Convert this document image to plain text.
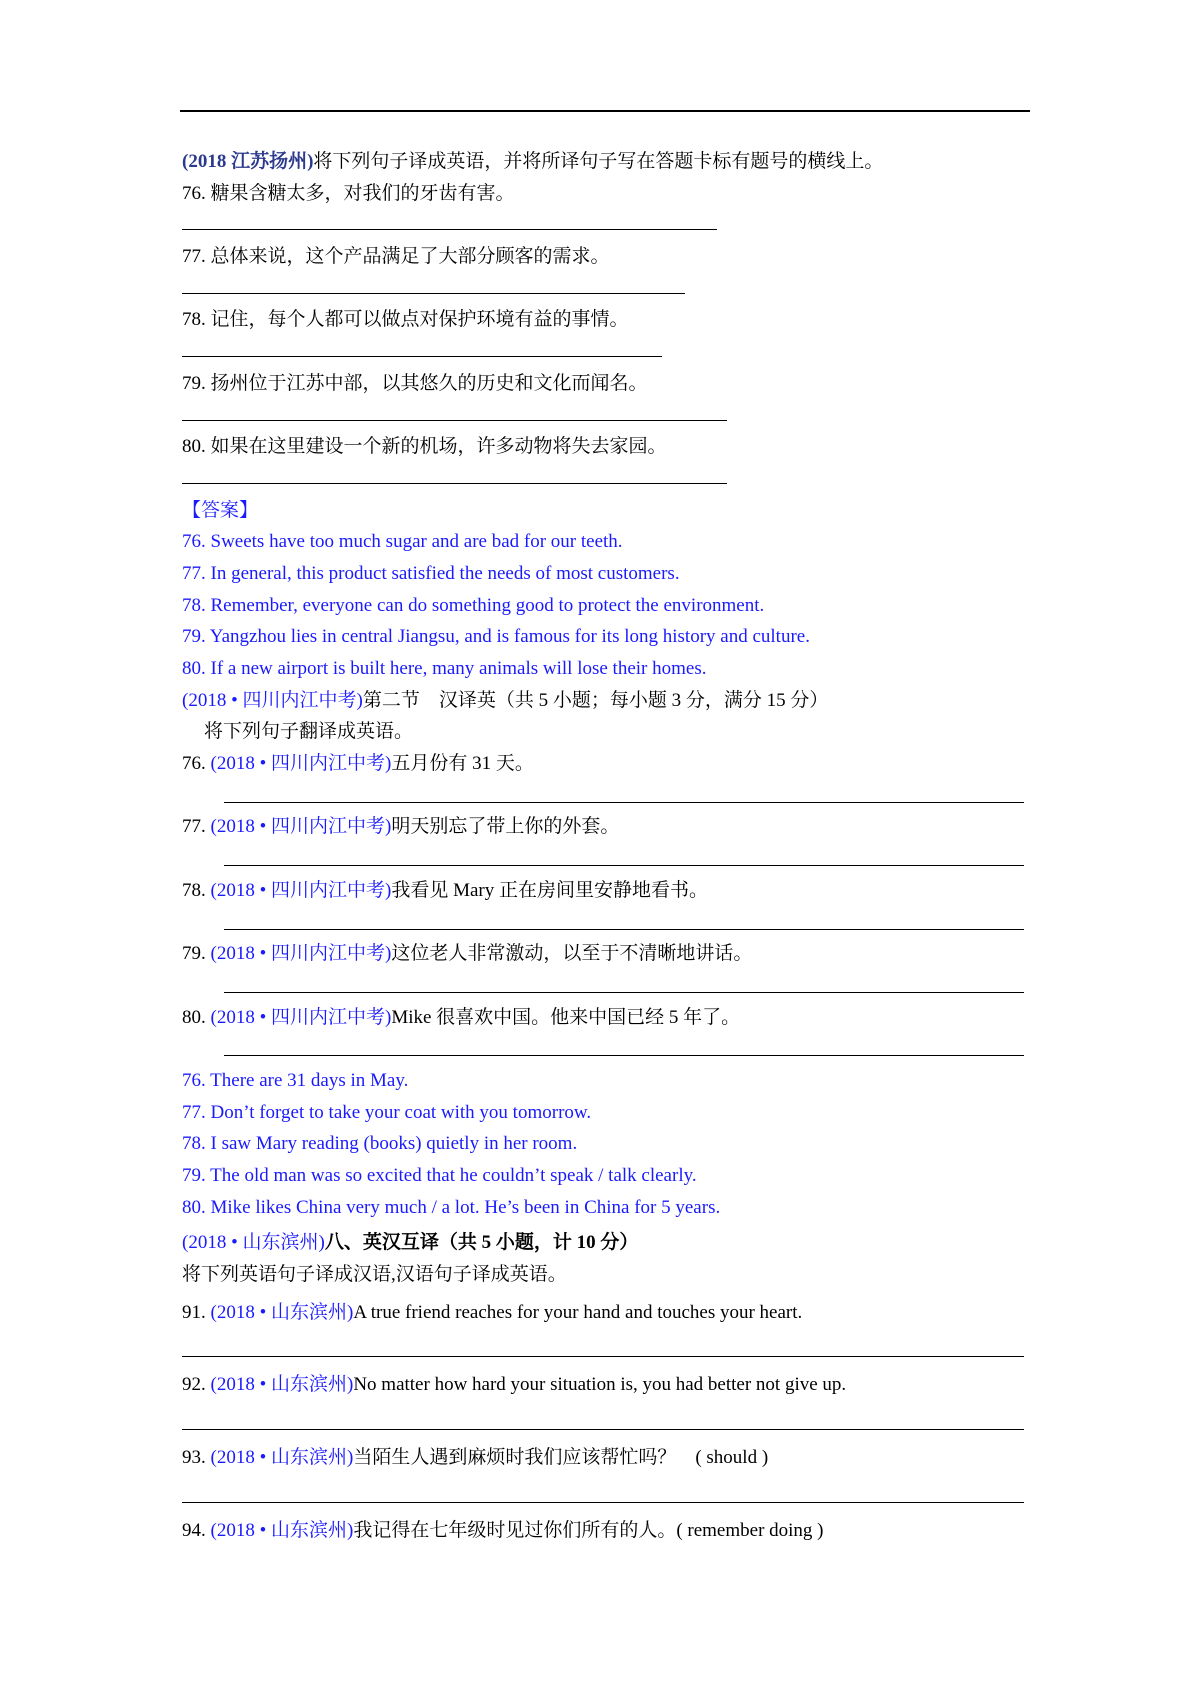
(2018 江苏扬州)将下列句子译成英语，并将所译句子写在答题卡标有题号的横线上。
76. 糖果含糖太多，对我们的牙齿有害。
77. 总体来说，这个产品满足了大部分顾客的需求。
78. 记住，每个人都可以做点对保护环境有益的事情。
79. 扬州位于江苏中部，以其悠久的历史和文化而闻名。
80. 如果在这里建设一个新的机场，许多动物将失去家园。
【答案】
76. Sweets have too much sugar and are bad for our teeth.
77. In general, this product satisfied the needs of most customers.
78. Remember, everyone can do something good to protect the environment.
79. Yangzhou lies in central Jiangsu, and is famous for its long history and culture.
80. If a new airport is built here, many animals will lose their homes.
(2018 • 四川内江中考)第二节　汉译英（共 5 小题；每小题 3 分，满分 15 分）
将下列句子翻译成英语。
76. (2018 • 四川内江中考)五月份有 31 天。
77. (2018 • 四川内江中考)明天别忘了带上你的外套。
78. (2018 • 四川内江中考)我看见 Mary 正在房间里安静地看书。
79. (2018 • 四川内江中考)这位老人非常激动，以至于不清晰地讲话。
80. (2018 • 四川内江中考)Mike 很喜欢中国。他来中国已经 5 年了。
76. There are 31 days in May.
77. Don’t forget to take your coat with you tomorrow.
78. I saw Mary reading (books) quietly in her room.
79. The old man was so excited that he couldn’t speak / talk clearly.
80. Mike likes China very much / a lot. He’s been in China for 5 years.
(2018 • 山东滨州)八、英汉互译（共 5 小题，计 10 分）
将下列英语句子译成汉语,汉语句子译成英语。
91. (2018 • 山东滨州)A true friend reaches for your hand and touches your heart.
92. (2018 • 山东滨州)No matter how hard your situation is, you had better not give up.
93. (2018 • 山东滨州)当陌生人遇到麻烦时我们应该帮忙吗？　( should )
94. (2018 • 山东滨州)我记得在七年级时见过你们所有的人。( remember doing )
